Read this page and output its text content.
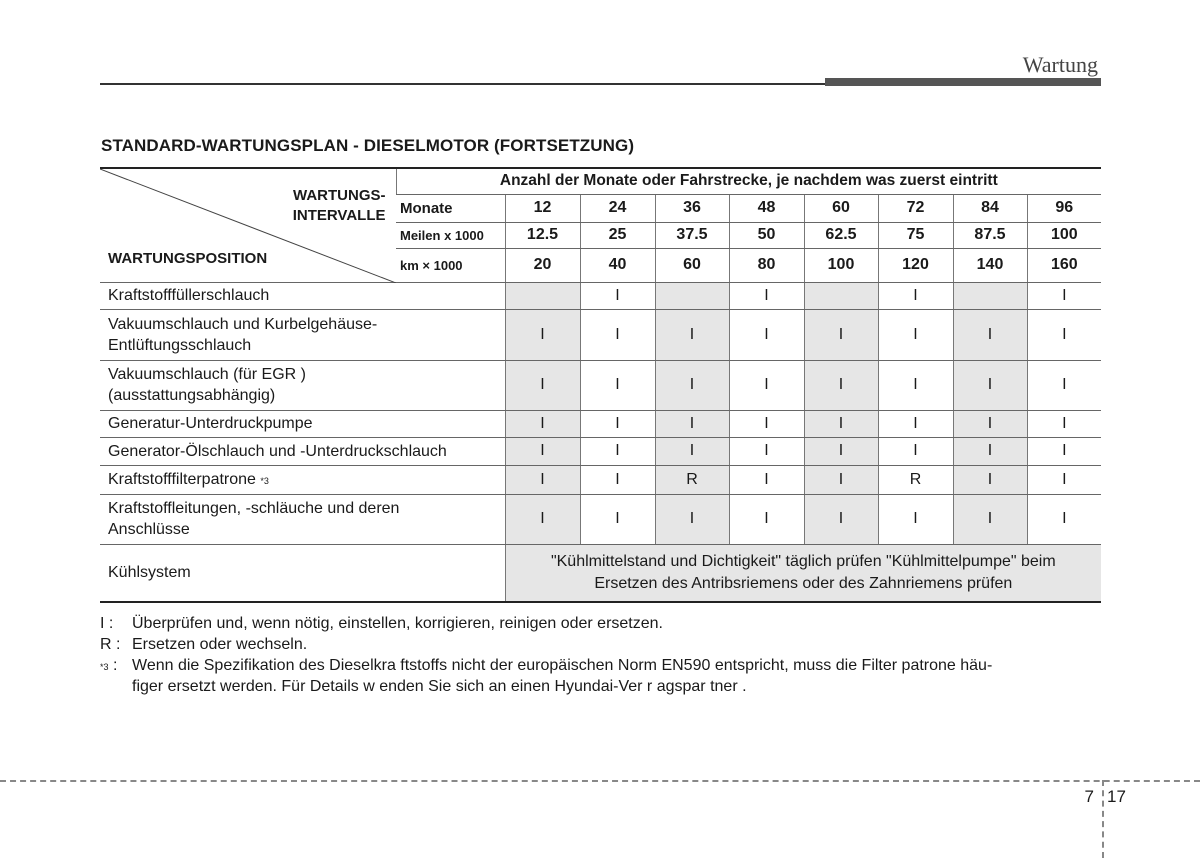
Wartung
STANDARD-WARTUNGSPLAN - DIESELMOTOR (FORTSETZUNG)
WARTUNGS-
INTERVALLE
WARTUNGSPOSITION	Anzahl der Monate oder Fahrstrecke, je nachdem was zuerst eintritt								
	Monate	12	24	36	48	60	72	84	96
	Meilen x 1000	12.5	25	37.5	50	62.5	75	87.5	100
	km × 1000	20	40	60	80	100	120	140	160

Kraftstofffüllerschlauch			I		I		I		I

Vakuumschlauch und Kurbelgehäuse-
Entlüftungsschlauch		I	I	I	I	I	I	I	I

Vakuumschlauch (für EGR )
(ausstattungsabhängig)		I	I	I	I	I	I	I	I

Generatur-Unterdruckpumpe		I	I	I	I	I	I	I	I

Generator-Ölschlauch und -Unterdruckschlauch		I	I	I	I	I	I	I	I

Kraftstofffilterpatrone $^{*3}$		I	I	R	I	I	R	I	I

Kraftstoffleitungen, -schläuche und deren
Anschlüsse		I	I	I	I	I	I	I	I
Kühlsystem		"Kühlmittelstand und Dichtigkeit" täglich prüfen "Kühlmittelpumpe" beim
Ersetzen des Antribsriemens oder des Zahnriemens prüfen							
I : Überprüfen und, wenn nötig, einstellen, korrigieren, reinigen oder ersetzen.
R : Ersetzen oder wechseln.
$^{*3}$ : Wenn die Spezifikation des Dieselkra ftstoffs nicht der europäischen Norm EN590 entspricht, muss die Filter patrone häu-
figer ersetzt werden. Für Details w enden Sie sich an einen Hyundai-Ver r agspar tner .
7 17
